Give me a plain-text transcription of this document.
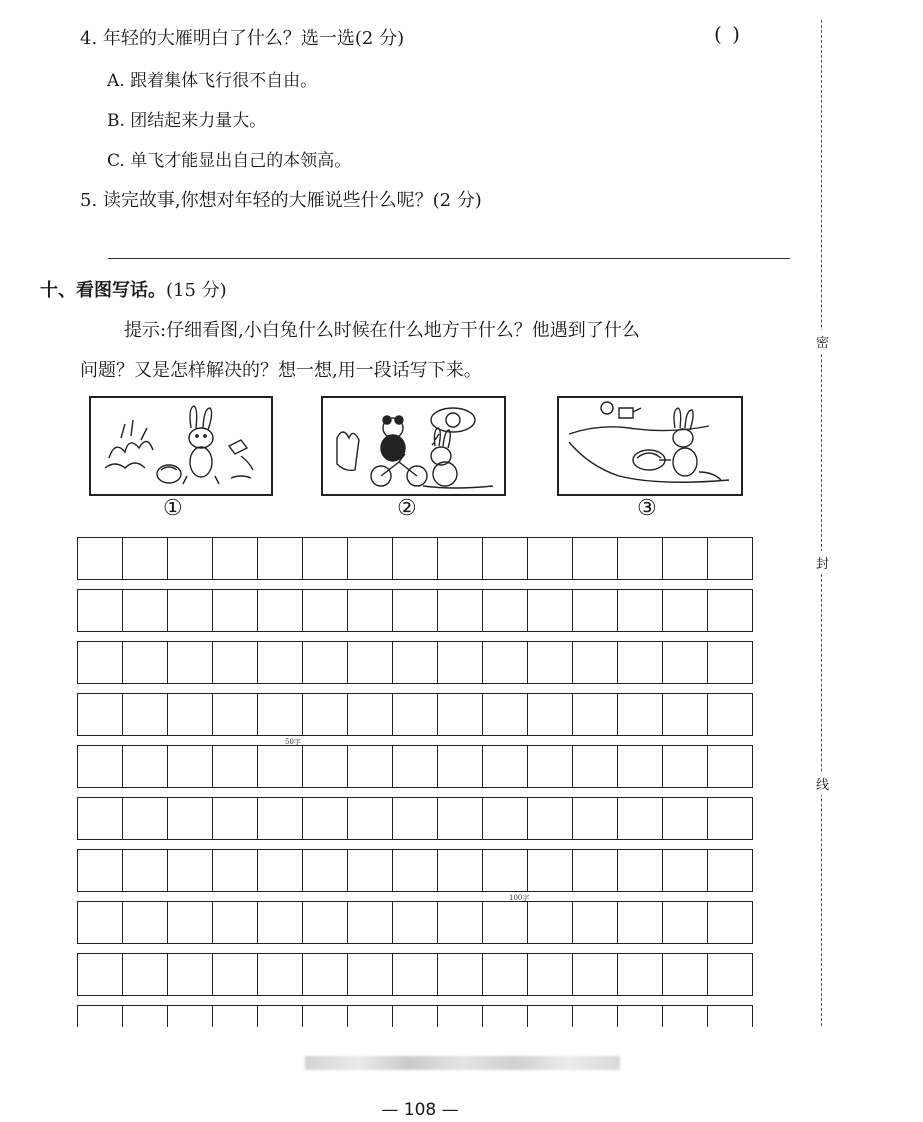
密
封
线
4. 年轻的大雁明白了什么？选一选(2 分)	( )
A. 跟着集体飞行很不自由。
B. 团结起来力量大。
C. 单飞才能显出自己的本领高。
5. 读完故事,你想对年轻的大雁说些什么呢？(2 分)
十、看图写话。(15 分)
提示:仔细看图,小白兔什么时候在什么地方干什么？他遇到了什么
问题？又是怎样解决的？想一想,用一段话写下来。
①	②	③
50字
100字
— 108 —
